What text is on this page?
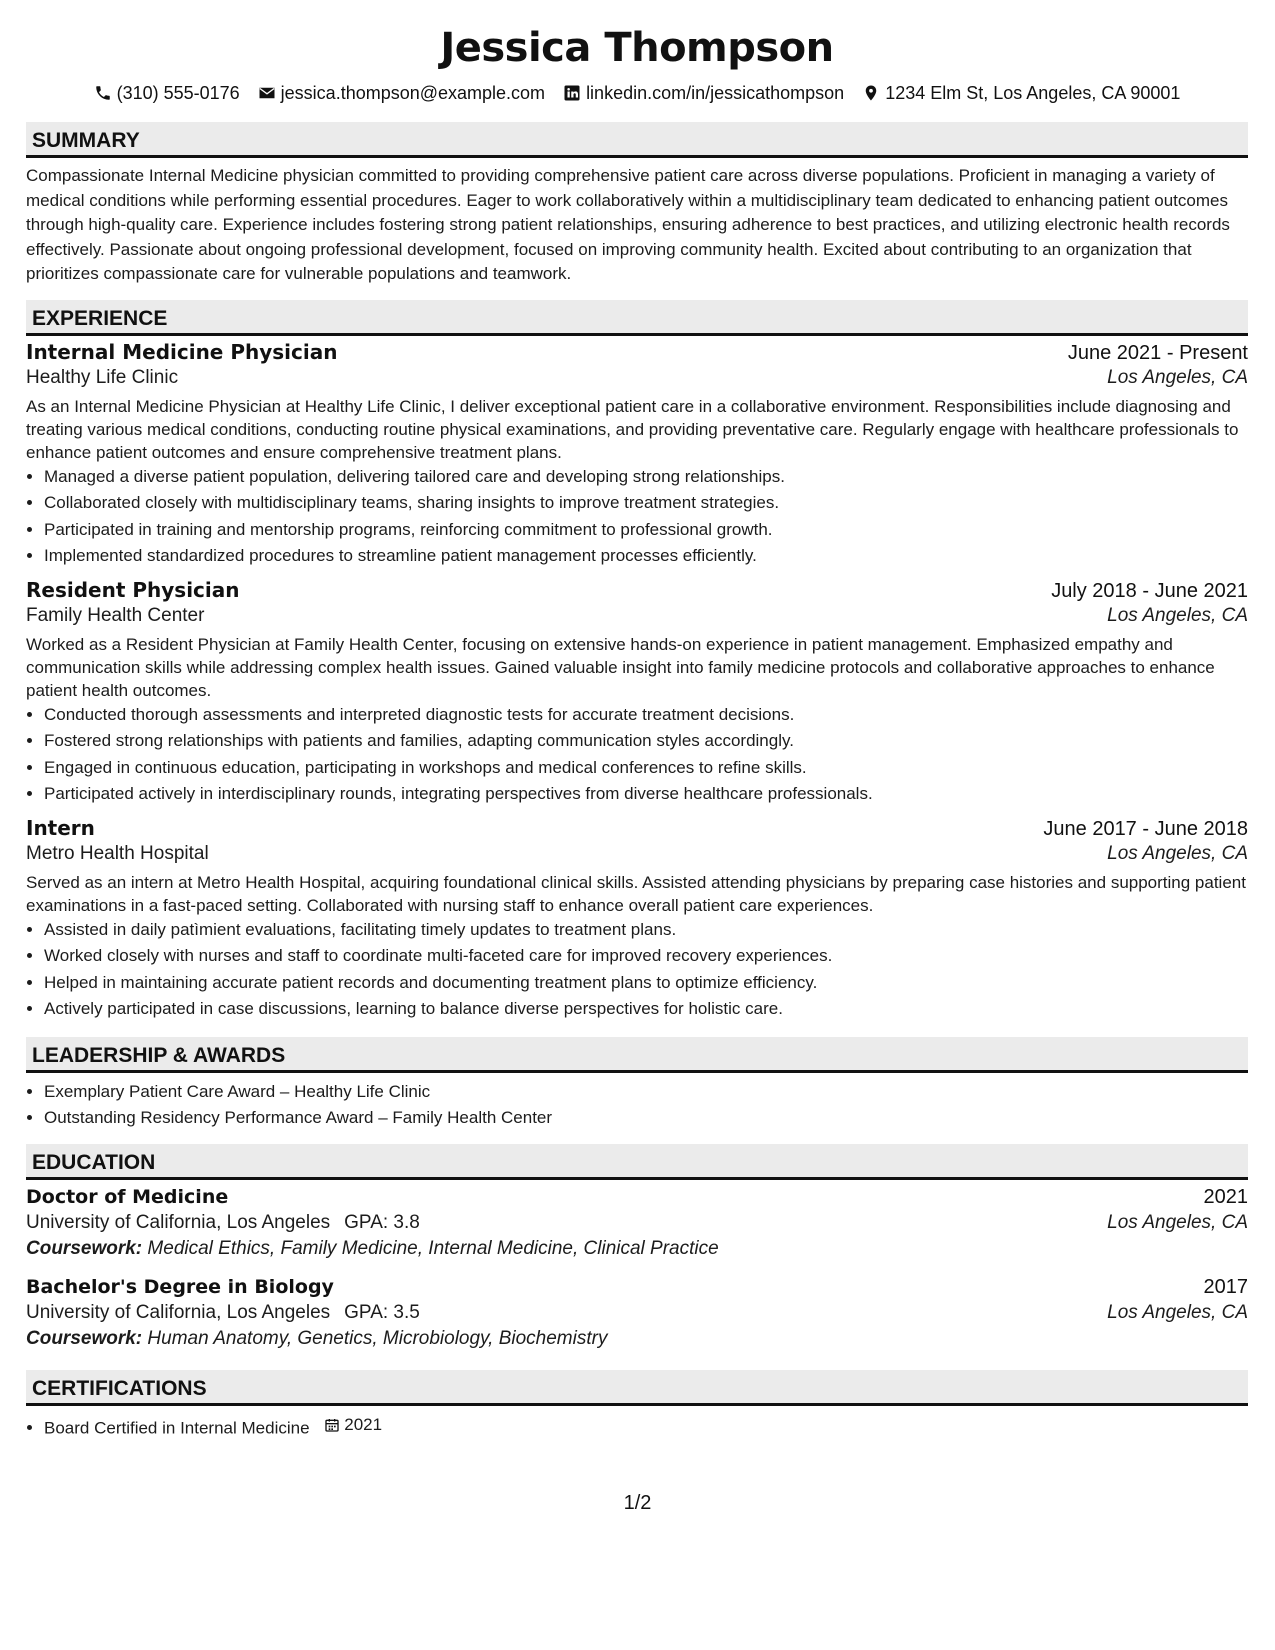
Jessica Thompson
(310) 555-0176 jessica.thompson@example.com linkedin.com/in/jessicathompson 1234 Elm St, Los Angeles, CA 90001
SUMMARY
Compassionate Internal Medicine physician committed to providing comprehensive patient care across diverse populations. Proficient in managing a variety of medical conditions while performing essential procedures. Eager to work collaboratively within a multidisciplinary team dedicated to enhancing patient outcomes through high-quality care. Experience includes fostering strong patient relationships, ensuring adherence to best practices, and utilizing electronic health records effectively. Passionate about ongoing professional development, focused on improving community health. Excited about contributing to an organization that prioritizes compassionate care for vulnerable populations and teamwork.
EXPERIENCE
Internal Medicine Physician	June 2021 - Present
Healthy Life Clinic	Los Angeles, CA
As an Internal Medicine Physician at Healthy Life Clinic, I deliver exceptional patient care in a collaborative environment. Responsibilities include diagnosing and treating various medical conditions, conducting routine physical examinations, and providing preventative care. Regularly engage with healthcare professionals to enhance patient outcomes and ensure comprehensive treatment plans.
• Managed a diverse patient population, delivering tailored care and developing strong relationships.
• Collaborated closely with multidisciplinary teams, sharing insights to improve treatment strategies.
• Participated in training and mentorship programs, reinforcing commitment to professional growth.
• Implemented standardized procedures to streamline patient management processes efficiently.
Resident Physician	July 2018 - June 2021
Family Health Center	Los Angeles, CA
Worked as a Resident Physician at Family Health Center, focusing on extensive hands-on experience in patient management. Emphasized empathy and communication skills while addressing complex health issues. Gained valuable insight into family medicine protocols and collaborative approaches to enhance patient health outcomes.
• Conducted thorough assessments and interpreted diagnostic tests for accurate treatment decisions.
• Fostered strong relationships with patients and families, adapting communication styles accordingly.
• Engaged in continuous education, participating in workshops and medical conferences to refine skills.
• Participated actively in interdisciplinary rounds, integrating perspectives from diverse healthcare professionals.
Intern	June 2017 - June 2018
Metro Health Hospital	Los Angeles, CA
Served as an intern at Metro Health Hospital, acquiring foundational clinical skills. Assisted attending physicians by preparing case histories and supporting patient examinations in a fast-paced setting. Collaborated with nursing staff to enhance overall patient care experiences.
• Assisted in daily patìmient evaluations, facilitating timely updates to treatment plans.
• Worked closely with nurses and staff to coordinate multi-faceted care for improved recovery experiences.
• Helped in maintaining accurate patient records and documenting treatment plans to optimize efficiency.
• Actively participated in case discussions, learning to balance diverse perspectives for holistic care.
LEADERSHIP & AWARDS
• Exemplary Patient Care Award – Healthy Life Clinic
• Outstanding Residency Performance Award – Family Health Center
EDUCATION
Doctor of Medicine	2021
University of California, Los Angeles GPA: 3.8	Los Angeles, CA
Coursework: Medical Ethics, Family Medicine, Internal Medicine, Clinical Practice
Bachelor's Degree in Biology	2017
University of California, Los Angeles GPA: 3.5	Los Angeles, CA
Coursework: Human Anatomy, Genetics, Microbiology, Biochemistry
CERTIFICATIONS
• Board Certified in Internal Medicine 2021
1/2
